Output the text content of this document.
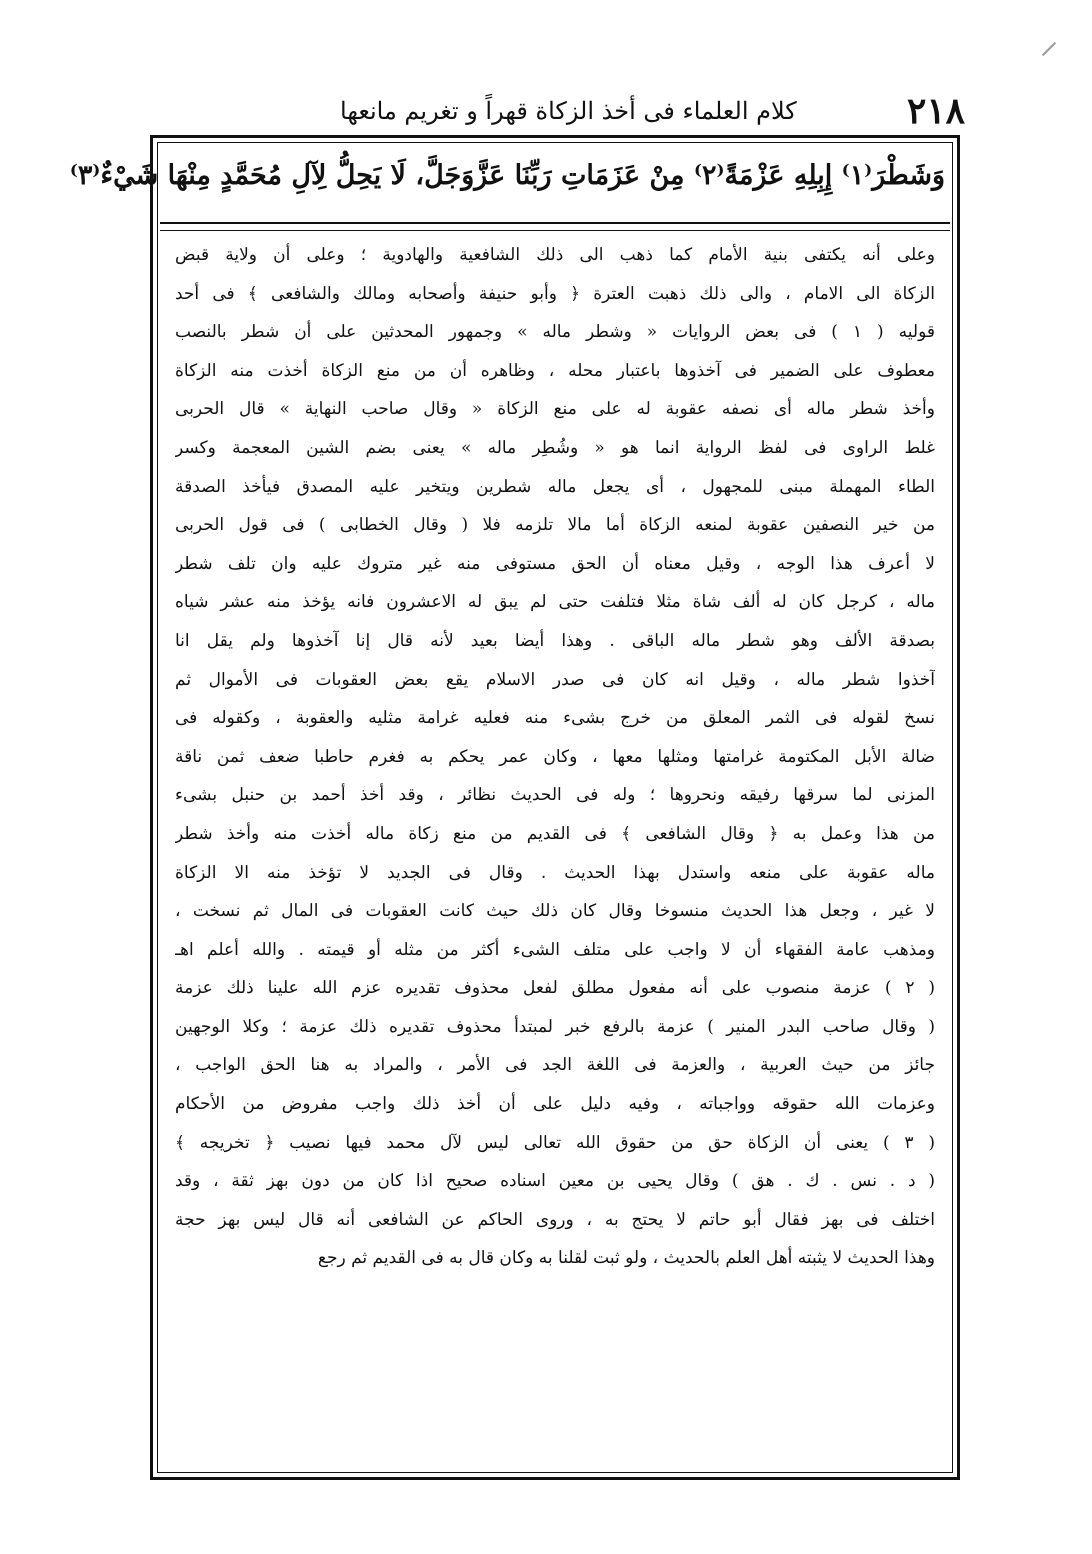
٢١٨
كلام العلماء فى أخذ الزكاة قهراً و تغريم مانعها
وَشَطْرَ⁽١⁾ إِبِلِهِ عَزْمَةً⁽٢⁾ مِنْ عَزَمَاتِ رَبِّنَا عَزَّوَجَلَّ، لَا يَحِلُّ لِآلِ مُحَمَّدٍ مِنْهَا شَيْءٌ⁽٣⁾
وعلى أنه يكتفى بنية الأمام كما ذهب الى ذلك الشافعية والهادوية ؛ وعلى أن ولاية قبض
الزكاة الى الامام ، والى ذلك ذهبت العترة ﴿ وأبو حنيفة وأصحابه ومالك والشافعى ﴾ فى أحد
قوليه ( ١ ) فى بعض الروايات « وشطر ماله » وجمهور المحدثين على أن شطر بالنصب
معطوف على الضمير فى آخذوها باعتبار محله ، وظاهره أن من منع الزكاة أخذت منه الزكاة
وأخذ شطر ماله أى نصفه عقوبة له على منع الزكاة « وقال صاحب النهاية » قال الحربى
غلط الراوى فى لفظ الرواية انما هو « وشُطِر ماله » يعنى بضم الشين المعجمة وكسر
الطاء المهملة مبنى للمجهول ، أى يجعل ماله شطرين ويتخير عليه المصدق فيأخذ الصدقة
من خير النصفين عقوبة لمنعه الزكاة أما مالا تلزمه فلا ( وقال الخطابى ) فى قول الحربى
لا أعرف هذا الوجه ، وقيل معناه أن الحق مستوفى منه غير متروك عليه وان تلف شطر
ماله ، كرجل كان له ألف شاة مثلا فتلفت حتى لم يبق له الاعشرون فانه يؤخذ منه عشر شياه
بصدقة الألف وهو شطر ماله الباقى . وهذا أيضا بعيد لأنه قال إنا آخذوها ولم يقل انا
آخذوا شطر ماله ، وقيل انه كان فى صدر الاسلام يقع بعض العقوبات فى الأموال ثم
نسخ لقوله فى الثمر المعلق من خرج بشىء منه فعليه غرامة مثليه والعقوبة ، وكقوله فى
ضالة الأبل المكتومة غرامتها ومثلها معها ، وكان عمر يحكم به فغرم حاطبا ضعف ثمن ناقة
المزنى لما سرقها رفيقه ونحروها ؛ وله فى الحديث نظائر ، وقد أخذ أحمد بن حنبل بشىء
من هذا وعمل به ﴿ وقال الشافعى ﴾ فى القديم من منع زكاة ماله أخذت منه وأخذ شطر
ماله عقوبة على منعه واستدل بهذا الحديث . وقال فى الجديد لا تؤخذ منه الا الزكاة
لا غير ، وجعل هذا الحديث منسوخا وقال كان ذلك حيث كانت العقوبات فى المال ثم نسخت ،
ومذهب عامة الفقهاء أن لا واجب على متلف الشىء أكثر من مثله أو قيمته . والله أعلم اهـ
( ٢ ) عزمة منصوب على أنه مفعول مطلق لفعل محذوف تقديره عزم الله علينا ذلك عزمة
( وقال صاحب البدر المنير ) عزمة بالرفع خبر لمبتدأ محذوف تقديره ذلك عزمة ؛ وكلا الوجهين
جائز من حيث العربية ، والعزمة فى اللغة الجد فى الأمر ، والمراد به هنا الحق الواجب ،
وعزمات الله حقوقه وواجباته ، وفيه دليل على أن أخذ ذلك واجب مفروض من الأحكام
( ٣ ) يعنى أن الزكاة حق من حقوق الله تعالى ليس لآل محمد فيها نصيب ﴿ تخريجه ﴾
( د . نس . ك . هق ) وقال يحيى بن معين اسناده صحيح اذا كان من دون بهز ثقة ، وقد
اختلف فى بهز فقال أبو حاتم لا يحتج به ، وروى الحاكم عن الشافعى أنه قال ليس بهز حجة
وهذا الحديث لا يثبته أهل العلم بالحديث ، ولو ثبت لقلنا به وكان قال به فى القديم ثم رجع
